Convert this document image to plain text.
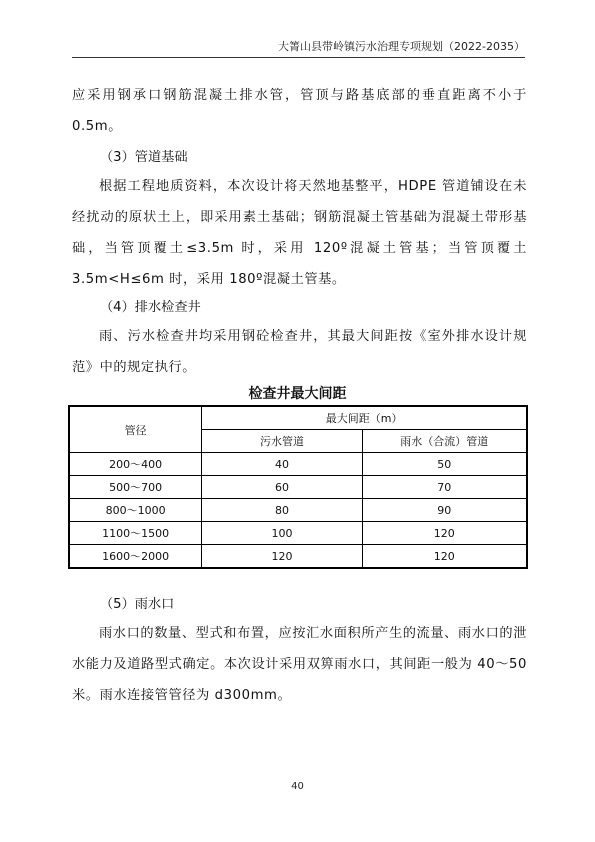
大箐山县带岭镇污水治理专项规划（2022-2035）

应采用钢承口钢筋混凝土排水管，管顶与路基底部的垂直距离不小于0.5m。

（3）管道基础

根据工程地质资料，本次设计将天然地基整平，HDPE 管道铺设在未经扰动的原状土上，即采用素土基础；钢筋混凝土管基础为混凝土带形基础，当管顶覆土≤3.5m 时，采用 120º混凝土管基；当管顶覆土 3.5m<H≤6m 时，采用 180º混凝土管基。

（4）排水检查井

雨、污水检查井均采用钢砼检查井，其最大间距按《室外排水设计规范》中的规定执行。

检查井最大间距

管径	最大间距（m）	
	污水管道	雨水（合流）管道
200～400	40	50
500～700	60	70
800～1000	80	90
1100～1500	100	120
1600～2000	120	120

（5）雨水口

雨水口的数量、型式和布置，应按汇水面积所产生的流量、雨水口的泄水能力及道路型式确定。本次设计采用双箅雨水口，其间距一般为 40～50 米。雨水连接管管径为 d300mm。

40
